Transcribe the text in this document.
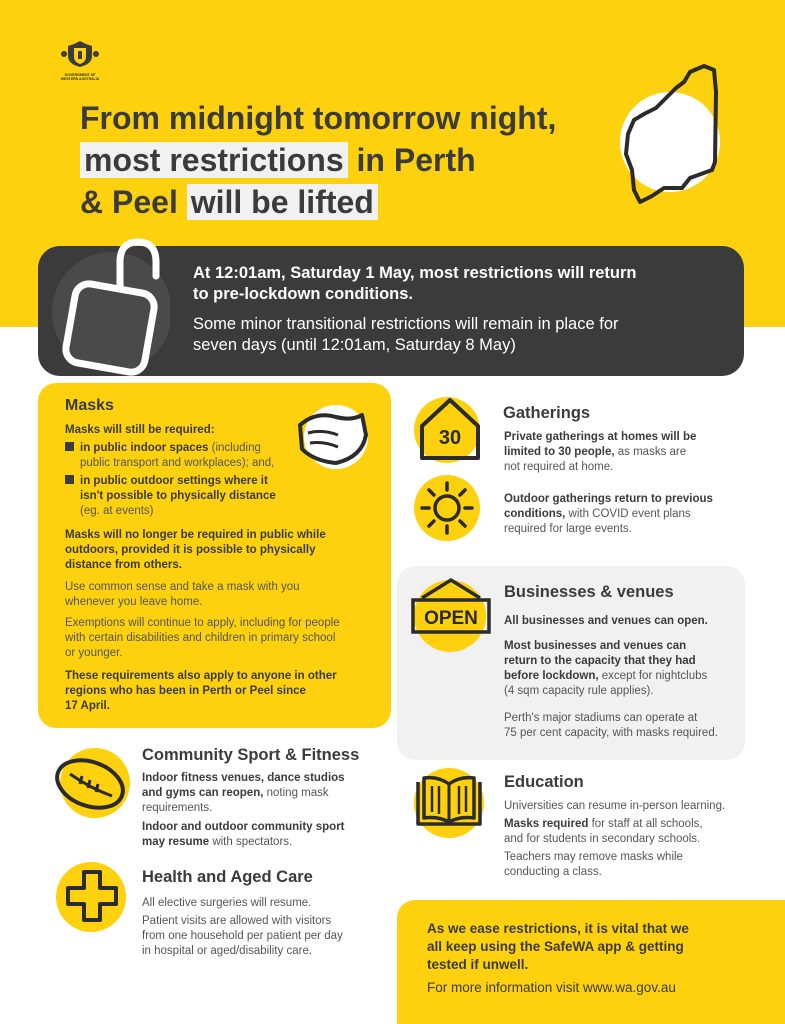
GOVERNMENT OF
WESTERN AUSTRALIA
From midnight tomorrow night,
most restrictions in Perth
& Peel will be lifted
At 12:01am, Saturday 1 May, most restrictions will return
to pre-lockdown conditions.
Some minor transitional restrictions will remain in place for
seven days (until 12:01am, Saturday 8 May)
Masks
Masks will still be required:
in public indoor spaces (including
public transport and workplaces); and,
in public outdoor settings where it
isn't possible to physically distance
(eg. at events)
Masks will no longer be required in public while
outdoors, provided it is possible to physically
distance from others.
Use common sense and take a mask with you
whenever you leave home.
Exemptions will continue to apply, including for people
with certain disabilities and children in primary school
or younger.
These requirements also apply to anyone in other
regions who has been in Perth or Peel since
17 April.
30
Gatherings
Private gatherings at homes will be
limited to 30 people, as masks are
not required at home.
Outdoor gatherings return to previous
conditions, with COVID event plans
required for large events.
OPEN
Businesses & venues
All businesses and venues can open.
Most businesses and venues can
return to the capacity that they had
before lockdown, except for nightclubs
(4 sqm capacity rule applies).
Perth's major stadiums can operate at
75 per cent capacity, with masks required.
Community Sport & Fitness
Indoor fitness venues, dance studios
and gyms can reopen, noting mask
requirements.
Indoor and outdoor community sport
may resume with spectators.
Education
Universities can resume in-person learning.
Masks required for staff at all schools,
and for students in secondary schools.
Teachers may remove masks while
conducting a class.
Health and Aged Care
All elective surgeries will resume.
Patient visits are allowed with visitors
from one household per patient per day
in hospital or aged/disability care.
As we ease restrictions, it is vital that we
all keep using the SafeWA app & getting
tested if unwell.
For more information visit www.wa.gov.au
